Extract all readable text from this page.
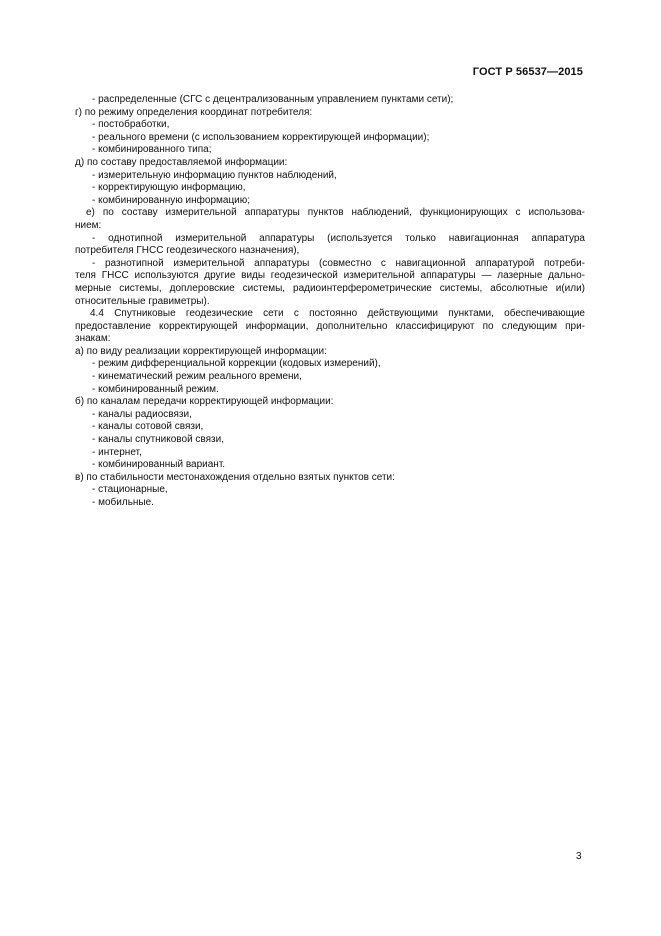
ГОСТ Р 56537—2015
- распределенные (СГС с децентрализованным управлением пунктами сети);
г) по режиму определения координат потребителя:
- постобработки,
- реального времени (с использованием корректирующей информации);
- комбинированного типа;
д) по составу предоставляемой информации:
- измерительную информацию пунктов наблюдений,
- корректирующую информацию,
- комбинированную информацию;
е) по составу измерительной аппаратуры пунктов наблюдений, функционирующих с использова-
нием:
- однотипной измерительной аппаратуры (используется только навигационная аппаратура
потребителя ГНСС геодезического назначения),
- разнотипной измерительной аппаратуры (совместно с навигационной аппаратурой потреби-
теля ГНСС используются другие виды геодезической измерительной аппаратуры — лазерные дально-
мерные системы, доплеровские системы, радиоинтерферометрические системы, абсолютные и(или)
относительные гравиметры).
4.4 Спутниковые геодезические сети с постоянно действующими пунктами, обеспечивающие
предоставление корректирующей информации, дополнительно классифицируют по следующим при-
знакам:
а) по виду реализации корректирующей информации:
- режим дифференциальной коррекции (кодовых измерений),
- кинематический режим реального времени,
- комбинированный режим.
б) по каналам передачи корректирующей информации:
- каналы радиосвязи,
- каналы сотовой связи,
- каналы спутниковой связи,
- интернет,
- комбинированный вариант.
в) по стабильности местонахождения отдельно взятых пунктов сети:
- стационарные,
- мобильные.
3
